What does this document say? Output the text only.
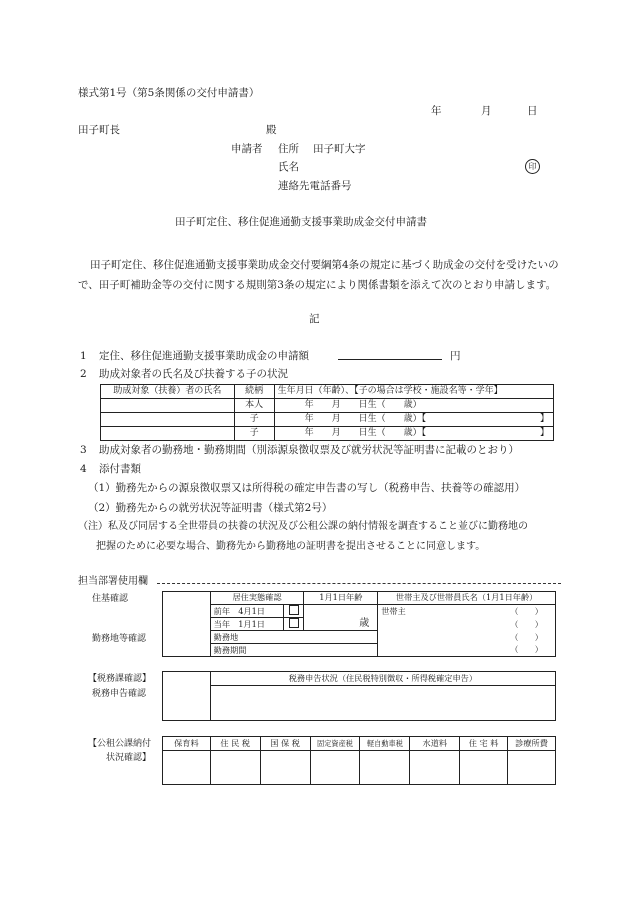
様式第1号（第5条関係の交付申請書）
年	月	日
田子町長	殿
申請者 住所 田子町大字
氏名	印
連絡先電話番号
田子町定住、移住促進通勤支援事業助成金交付申請書
田子町定住、移住促進通勤支援事業助成金交付要綱第4条の規定に基づく助成金の交付を受けたいので、田子町補助金等の交付に関する規則第3条の規定により関係書類を添えて次のとおり申請します。
記
1 定住、移住促進通勤支援事業助成金の申請額	円
2 助成対象者の氏名及び扶養する子の状況
助成対象（扶養）者の氏名	続柄	生年月日（年齢）、【子の場合は学校・施設名等・学年】
	本人	年　　月　　日生（　　歳）
	子	年　　月　　日生（　　歳）【 】

	子	年　　月　　日生（　　歳）【 】
3 助成対象者の勤務地・勤務期間（別添源泉徴収票及び就労状況等証明書に記載のとおり）
4 添付書類
（1）勤務先からの源泉徴収票又は所得税の確定申告書の写し（税務申告、扶養等の確認用）
（2）勤務先からの就労状況等証明書（様式第2号）
（注）私及び同居する全世帯員の扶養の状況及び公租公課の納付情報を調査すること並びに勤務地の
把握のために必要な場合、勤務先から勤務地の証明書を提出させることに同意します。
担当部署使用欄
住基確認
勤務地等確認
	居住実態確認		1月1日年齢	世帯主及び世帯員氏名（1月1日年齢）
	前年　4月1日		歳	世帯主 （　　）

	当年　1月1日			（　　）
	勤務地			（　　）
	勤務期間			（　　）
【税務課確認】
税務申告確認
	税務申告状況（住民税特別徴収・所得税確定申告）

【公租公課納付
状況確認】
保育料	住 民 税	国 保 税	固定資産税	軽自動車税	水道料	住 宅 料	診療所費
